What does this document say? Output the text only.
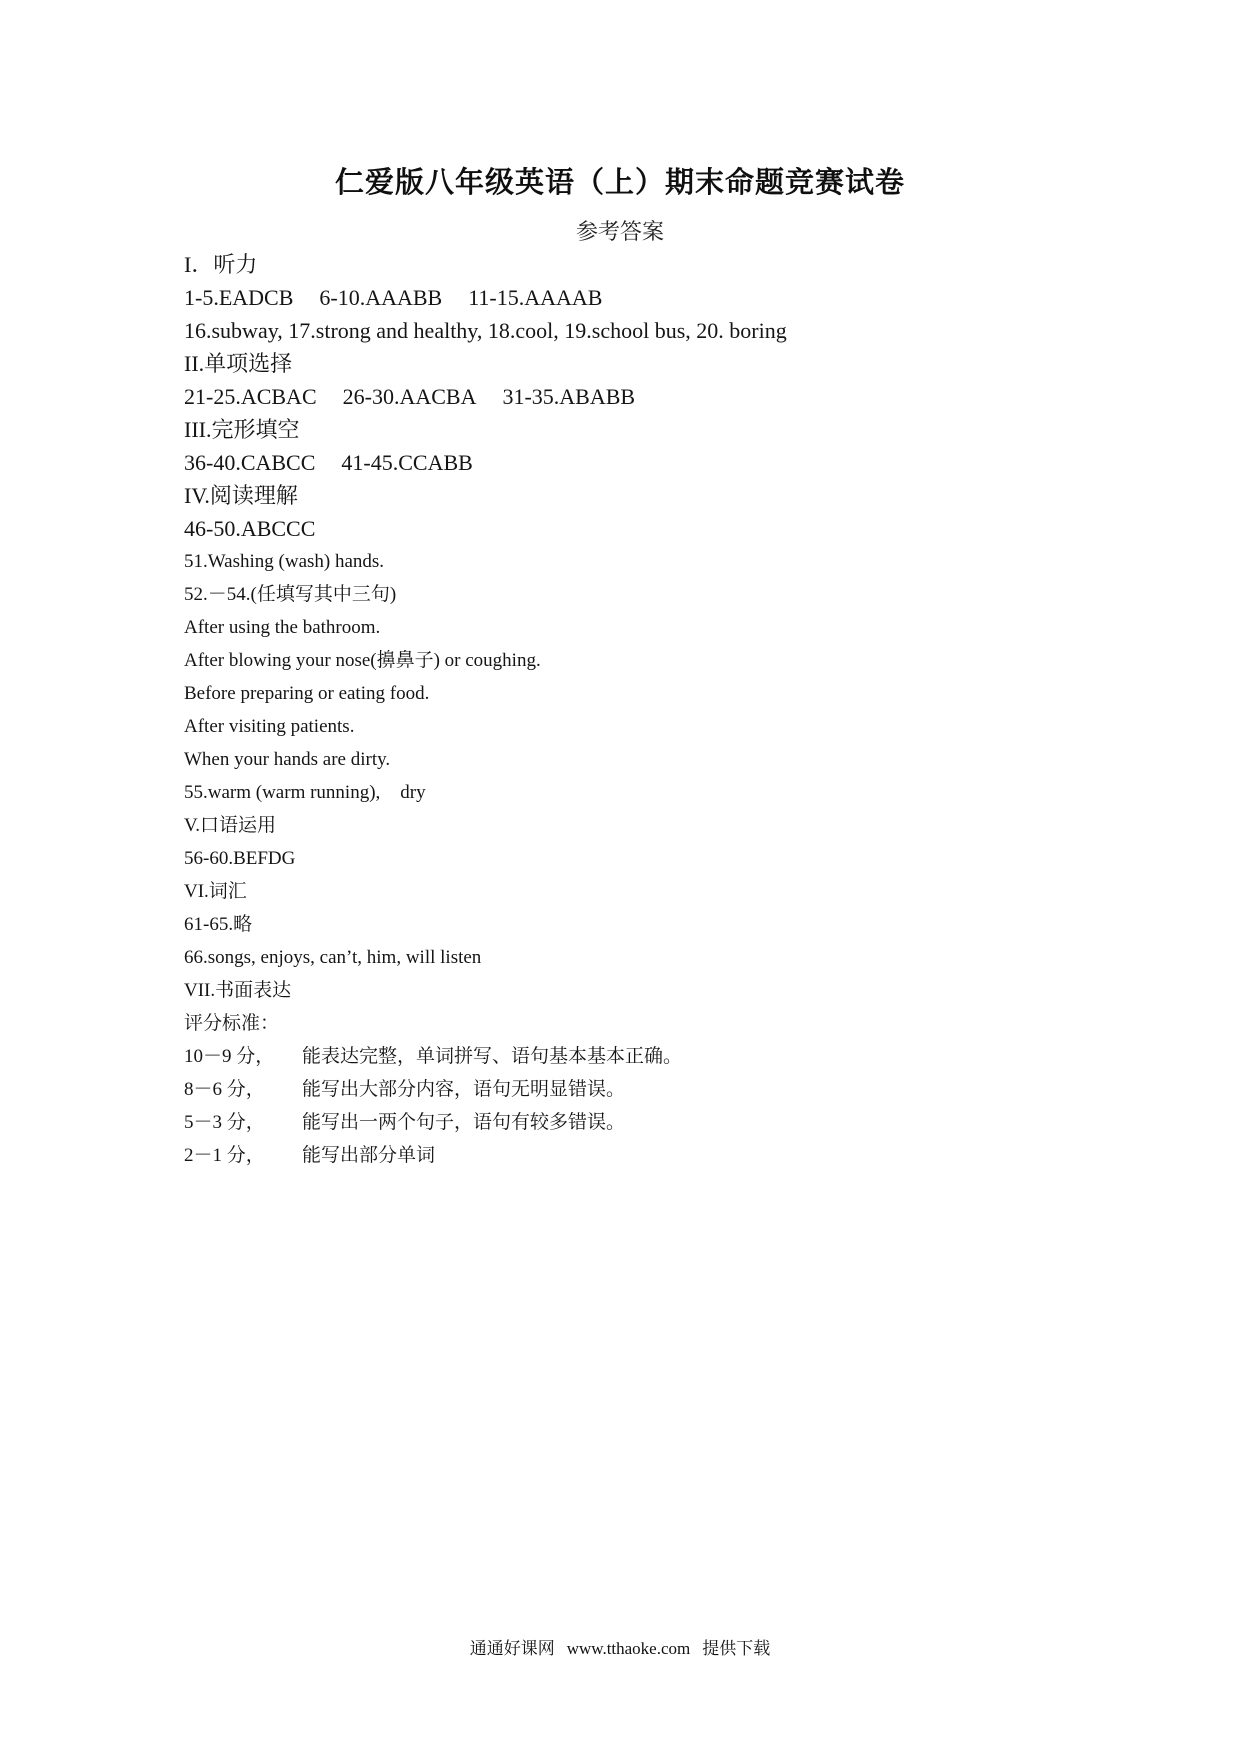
仁爱版八年级英语（上）期末命题竞赛试卷
参考答案
I．听力
1-5.EADCB 6-10.AAABB 11-15.AAAAB
16.subway, 17.strong and healthy, 18.cool, 19.school bus, 20. boring
II.单项选择
21-25.ACBAC 26-30.AACBA 31-35.ABABB
III.完形填空
36-40.CABCC 41-45.CCABB
IV.阅读理解
46-50.ABCCC
51.Washing (wash) hands.
52.－54.(任填写其中三句)
After using the bathroom.
After blowing your nose(擤鼻子) or coughing.
Before preparing or eating food.
After visiting patients.
When your hands are dirty.
55.warm (warm running), dry
V.口语运用
56-60.BEFDG
VI.词汇
61-65.略
66.songs, enjoys, can’t, him, will listen
VII.书面表达
评分标准：
10－9 分，	能表达完整，单词拼写、语句基本基本正确。
8－6 分，	能写出大部分内容，语句无明显错误。
5－3 分，	能写出一两个句子，语句有较多错误。
2－1 分，	能写出部分单词
通通好课网 www.tthaoke.com 提供下载
